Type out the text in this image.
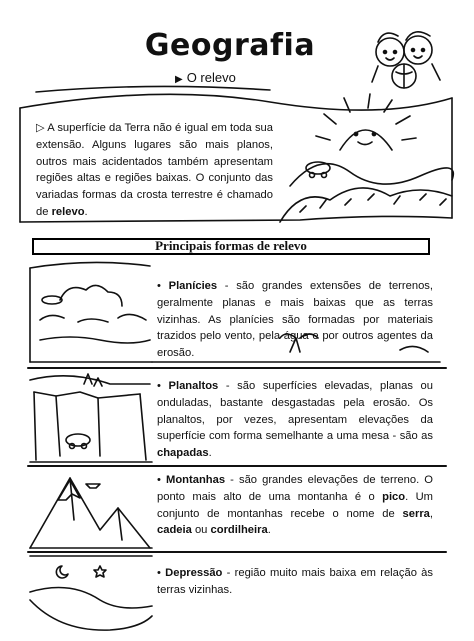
Geografia
▶ O relevo
▷ A superfície da Terra não é igual em toda sua extensão. Alguns lugares são mais planos, outros mais acidentados também apresentam regiões altas e regiões baixas. O conjunto das variadas formas da crosta terrestre é chamado de relevo.
Principais formas de relevo
• Planícies - são grandes extensões de terrenos, geralmente planas e mais baixas que as terras vizinhas. As planícies são formadas por materiais trazidos pelo vento, pela água e por outros agentes da erosão.
• Planaltos - são superfícies elevadas, planas ou onduladas, bastante desgastadas pela erosão. Os planaltos, por vezes, apresentam elevações da superfície com forma semelhante a uma mesa - são as chapadas.
• Montanhas - são grandes elevações de terreno. O ponto mais alto de uma montanha é o pico. Um conjunto de montanhas recebe o nome de serra, cadeia ou cordilheira.
• Depressão - região muito mais baixa em relação às terras vizinhas.
